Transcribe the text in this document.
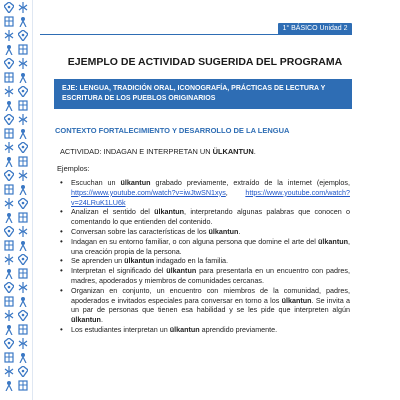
1° BÁSICO Unidad 2
EJEMPLO DE ACTIVIDAD SUGERIDA DEL PROGRAMA
EJE: LENGUA, TRADICIÓN ORAL, ICONOGRAFÍA, PRÁCTICAS DE LECTURA Y ESCRITURA DE LOS PUEBLOS ORIGINARIOS
CONTEXTO FORTALECIMIENTO Y DESARROLLO DE LA LENGUA
ACTIVIDAD: INDAGAN E INTERPRETAN UN ÜLKANTUN.
Ejemplos:
• Escuchan un ülkantun grabado previamente, extraído de la internet (ejemplos, https://www.youtube.com/watch?v=iwJtwSN1xys, https://www.youtube.com/watch?v=24LRuK1LU6k
• Analizan el sentido del ülkantun, interpretando algunas palabras que conocen o comentando lo que entienden del contenido.
• Conversan sobre las características de los ülkantun.
• Indagan en su entorno familiar, o con alguna persona que domine el arte del ülkantun, una creación propia de la persona.
• Se aprenden un ülkantun indagado en la familia.
• Interpretan el significado del ülkantun para presentarla en un encuentro con padres, madres, apoderados y miembros de comunidades cercanas.
• Organizan en conjunto, un encuentro con miembros de la comunidad, padres, apoderados e invitados especiales para conversar en torno a los ülkantun. Se invita a un par de personas que tienen esa habilidad y se les pide que interpreten algún ülkantun.
• Los estudiantes interpretan un ülkantun aprendido previamente.
